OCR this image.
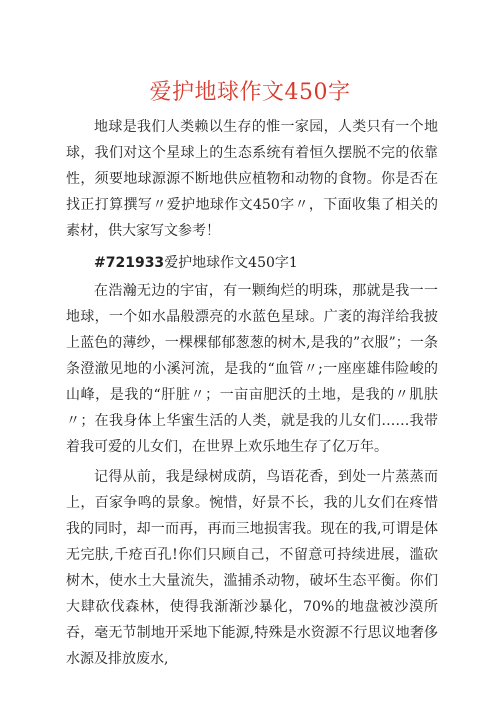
爱护地球作文450字

地球是我们人类赖以生存的惟一家园，人类只有一个地球，我们对这个星球上的生态系统有着恒久摆脱不完的依靠性，须要地球源源不断地供应植物和动物的食物。你是否在找正打算撰写〃爱护地球作文450字〃，下面收集了相关的素材，供大家写文参考！

#721933爱护地球作文450字1

在浩瀚无边的宇宙，有一颗绚烂的明珠，那就是我一一地球，一个如水晶般漂亮的水蓝色星球。广袤的海洋给我披上蓝色的薄纱，一棵棵郁郁葱葱的树木,是我的”衣服”；一条条澄澈见地的小溪河流，是我的“血管〃;一座座雄伟险峻的山峰，是我的“肝脏〃；一亩亩肥沃的土地，是我的〃肌肤〃；在我身体上华蜜生活的人类，就是我的儿女们……我带着我可爱的儿女们，在世界上欢乐地生存了亿万年。

记得从前，我是绿树成荫，鸟语花香，到处一片蒸蒸而上，百家争鸣的景象。惋惜，好景不长，我的儿女们在疼惜我的同时，却一而再，再而三地损害我。现在的我,可谓是体无完肤,千疮百孔!你们只顾自己，不留意可持续进展，滥砍树木，使水土大量流失，滥捕杀动物，破坏生态平衡。你们大肆砍伐森林，使得我渐渐沙暴化，70%的地盘被沙漠所吞，毫无节制地开采地下能源,特殊是水资源不行思议地奢侈水源及排放废水,
